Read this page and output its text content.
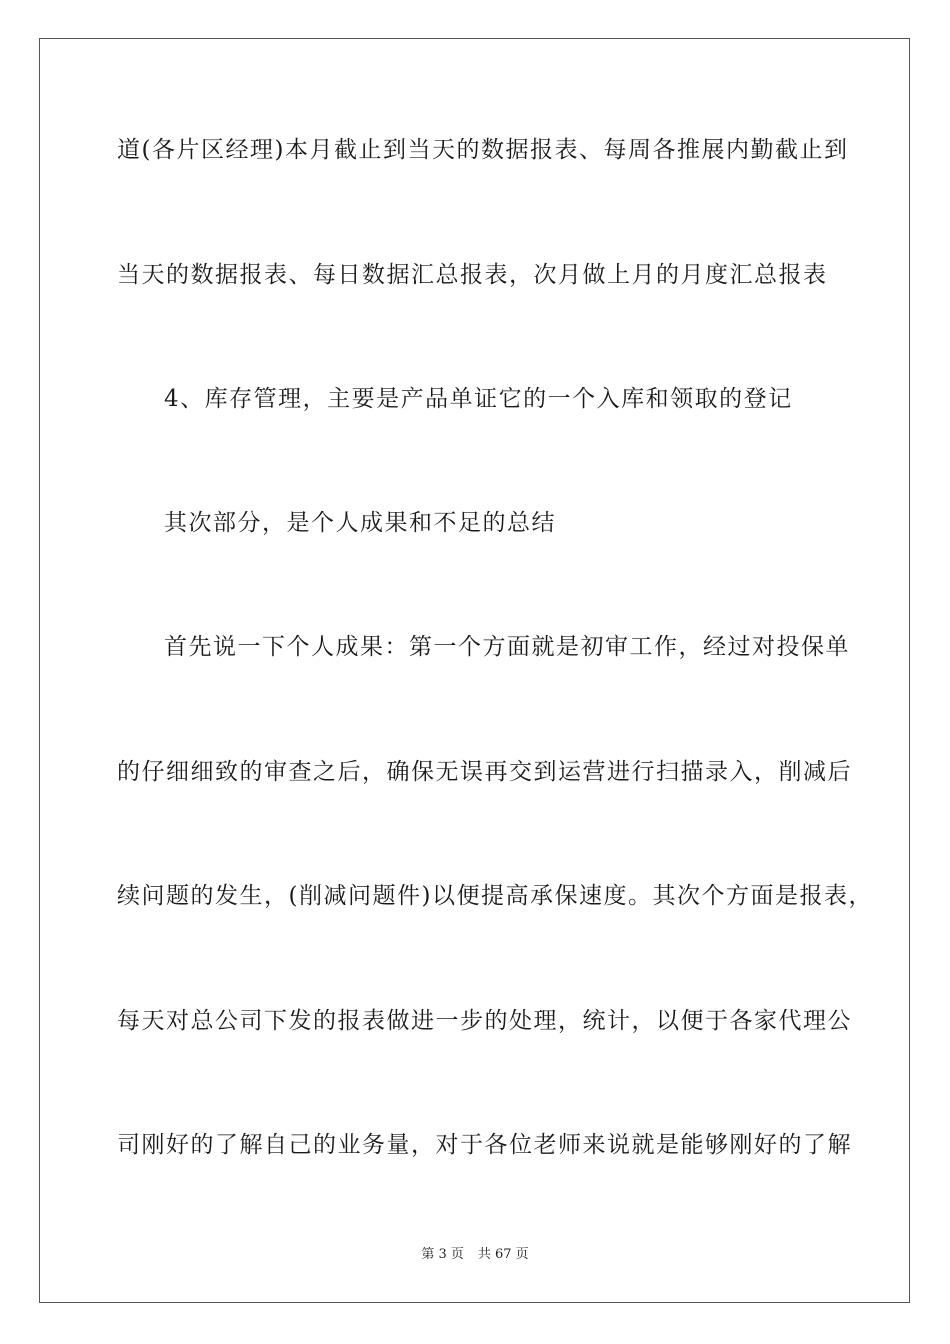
道(各片区经理)本月截止到当天的数据报表、每周各推展内勤截止到
当天的数据报表、每日数据汇总报表，次月做上月的月度汇总报表
4、库存管理，主要是产品单证它的一个入库和领取的登记
其次部分，是个人成果和不足的总结
首先说一下个人成果：第一个方面就是初审工作，经过对投保单
的仔细细致的审查之后，确保无误再交到运营进行扫描录入，削减后
续问题的发生，(削减问题件)以便提高承保速度。其次个方面是报表，
每天对总公司下发的报表做进一步的处理，统计，以便于各家代理公
司刚好的了解自己的业务量，对于各位老师来说就是能够刚好的了解
第 3 页 共 67 页
